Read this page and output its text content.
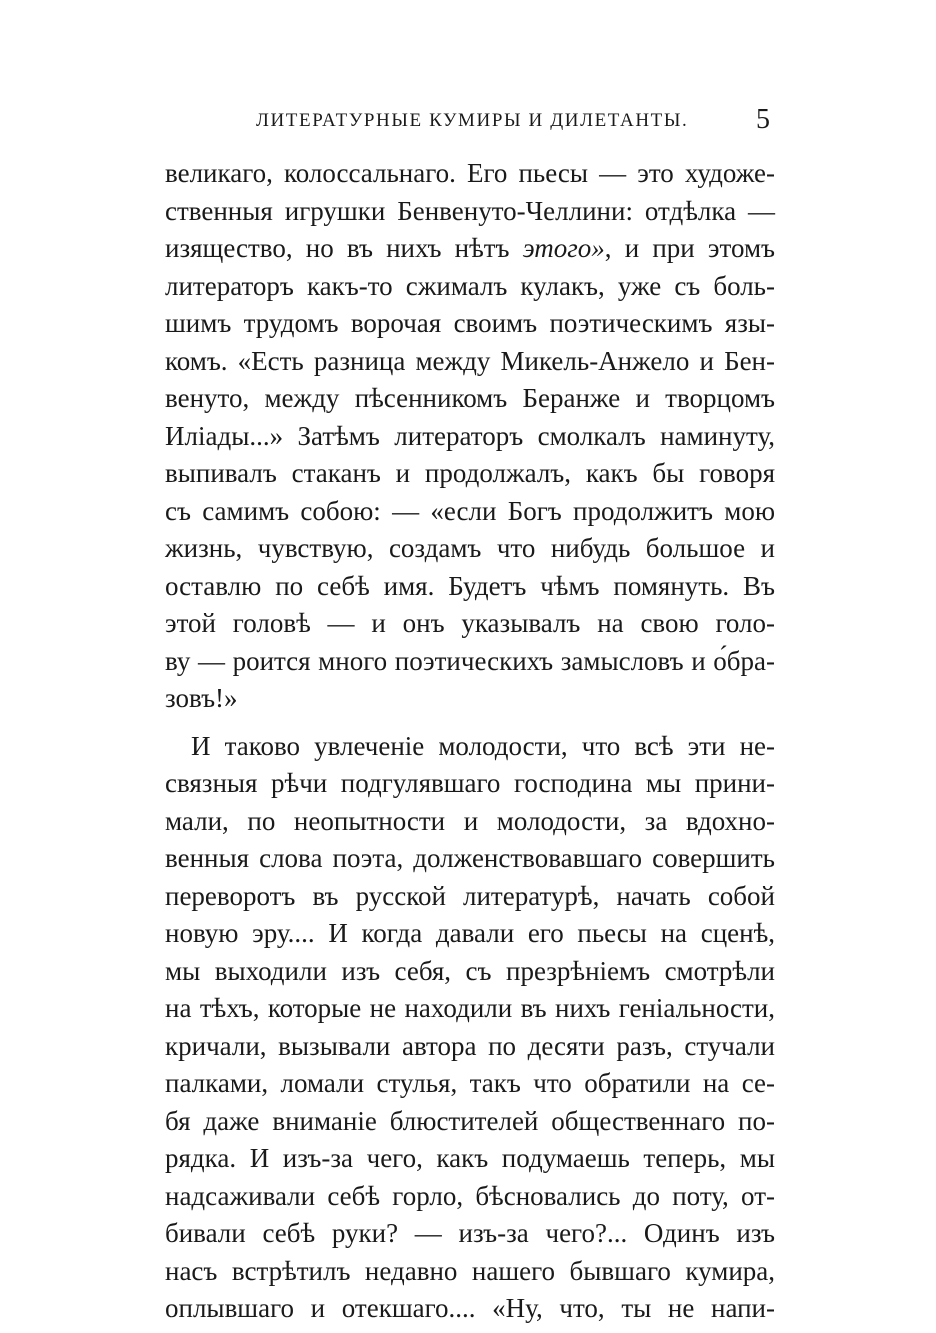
ЛИТЕРАТУРНЫЕ КУМИРЫ И ДИЛЕТАНТЫ. 5
великаго, колоссальнаго. Его пьесы — это художе-
ственныя игрушки Бенвенуто-Челлини: отдѣлка —
изящество, но въ нихъ нѣтъ этого», и при этомъ
литераторъ какъ-то сжималъ кулакъ, уже съ боль-
шимъ трудомъ ворочая своимъ поэтическимъ язы-
комъ. «Есть разница между Микель-Анжело и Бен-
венуто, между пѣсенникомъ Беранже и творцомъ
Иліады...» Затѣмъ литераторъ смолкалъ наминуту,
выпивалъ стаканъ и продолжалъ, какъ бы говоря
съ самимъ собою: — «если Богъ продолжитъ мою
жизнь, чувствую, создамъ что нибудь большое и
оставлю по себѣ имя. Будетъ чѣмъ помянуть. Въ
этой головѣ — и онъ указывалъ на свою голо-
ву — роится много поэтическихъ замысловъ и о́бра-
зовъ!»
И таково увлеченіе молодости, что всѣ эти не-
связныя рѣчи подгулявшаго господина мы прини-
мали, по неопытности и молодости, за вдохно-
венныя слова поэта, долженствовавшаго совершить
переворотъ въ русской литературѣ, начать собой
новую эру.... И когда давали его пьесы на сценѣ,
мы выходили изъ себя, съ презрѣніемъ смотрѣли
на тѣхъ, которые не находили въ нихъ геніальности,
кричали, вызывали автора по десяти разъ, стучали
палками, ломали стулья, такъ что обратили на се-
бя даже вниманіе блюстителей общественнаго по-
рядка. И изъ-за чего, какъ подумаешь теперь, мы
надсаживали себѣ горло, бѣсновались до поту, от-
бивали себѣ руки? — изъ-за чего?... Одинъ изъ
насъ встрѣтилъ недавно нашего бывшаго кумира,
оплывшаго и отекшаго.... «Ну, что, ты не напи-
